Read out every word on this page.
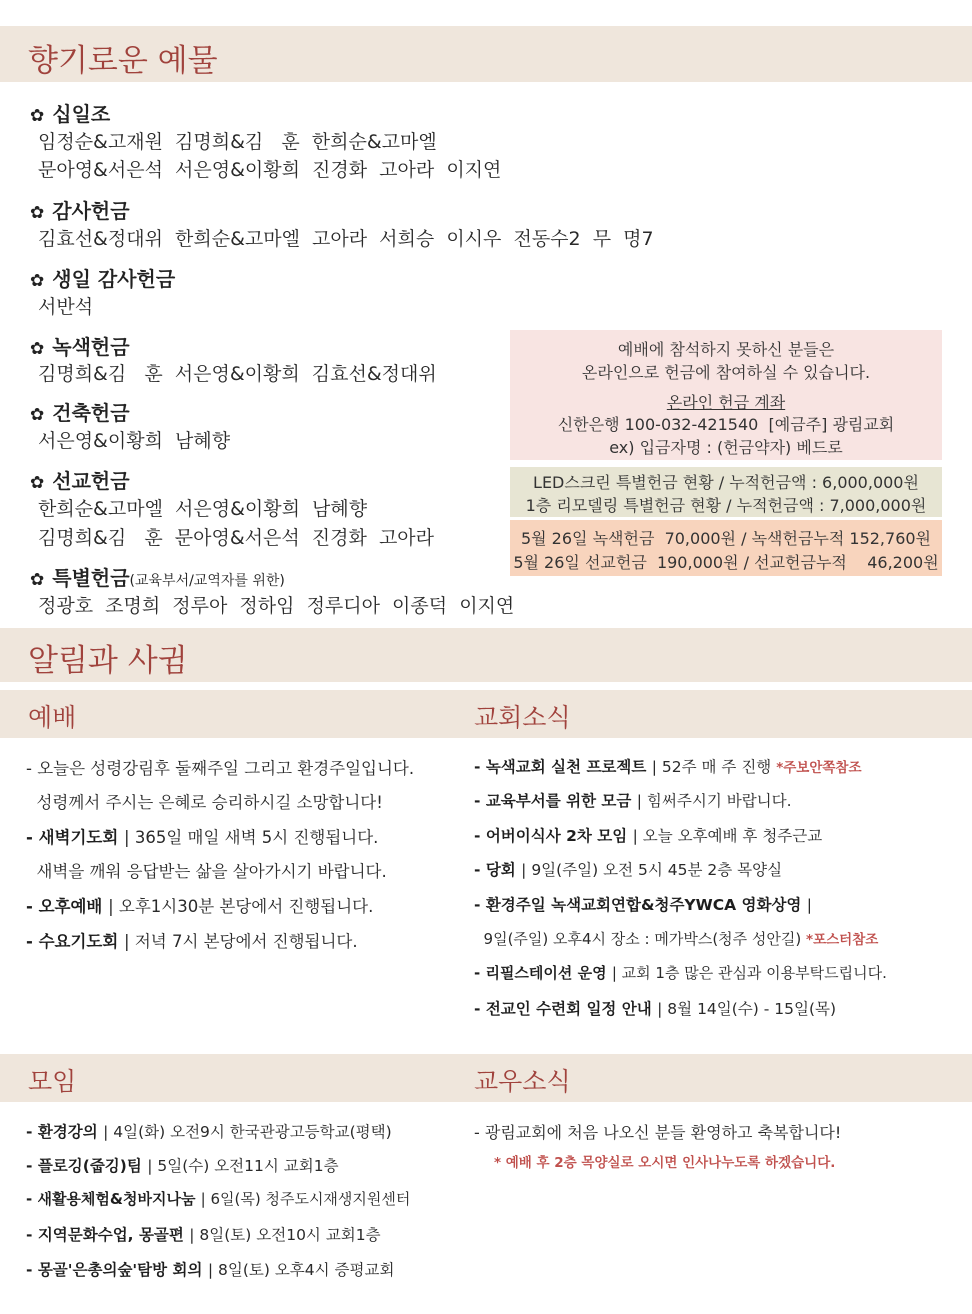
향기로운 예물
✿ 십일조
임정순&고재원  김명희&김   훈  한희순&고마엘
문아영&서은석  서은영&이황희  진경화  고아라  이지연
✿ 감사헌금
김효선&정대위  한희순&고마엘  고아라  서희승  이시우  전동수2  무  명7
✿ 생일 감사헌금
서반석
✿ 녹색헌금
김명희&김   훈  서은영&이황희  김효선&정대위
✿ 건축헌금
서은영&이황희  남혜향
✿ 선교헌금
한희순&고마엘  서은영&이황희  남혜향
김명희&김   훈  문아영&서은석  진경화  고아라
✿ 특별헌금(교육부서/교역자를 위한)
정광호  조명희  정루아  정하임  정루디아  이종덕  이지연
예배에 참석하지 못하신 분들은
온라인으로 헌금에 참여하실 수 있습니다.
온라인 헌금 계좌
신한은행 100-032-421540  [예금주] 광림교회
ex) 입금자명 : (헌금약자) 베드로
LED스크린 특별헌금 현황 / 누적헌금액 : 6,000,000원
1층 리모델링 특별헌금 현황 / 누적헌금액 : 7,000,000원
5월 26일 녹색헌금  70,000원 / 녹색헌금누적 152,760원
5월 26일 선교헌금  190,000원 / 선교헌금누적    46,200원
알림과 사귐
예배	교회소식
- 오늘은 성령강림후 둘째주일 그리고 환경주일입니다.
성령께서 주시는 은혜로 승리하시길 소망합니다!
- 새벽기도회 | 365일 매일 새벽 5시 진행됩니다.
새벽을 깨워 응답받는 삶을 살아가시기 바랍니다.
- 오후예배 | 오후1시30분 본당에서 진행됩니다.
- 수요기도회 | 저녁 7시 본당에서 진행됩니다.
- 녹색교회 실천 프로젝트 | 52주 매 주 진행 *주보안쪽참조
- 교육부서를 위한 모금 | 힘써주시기 바랍니다.
- 어버이식사 2차 모임 | 오늘 오후예배 후 청주근교
- 당회 | 9일(주일) 오전 5시 45분 2층 목양실
- 환경주일 녹색교회연합&청주YWCA 영화상영 |
9일(주일) 오후4시 장소 : 메가박스(청주 성안길) *포스터참조
- 리필스테이션 운영 | 교회 1층 많은 관심과 이용부탁드립니다.
- 전교인 수련회 일정 안내 | 8월 14일(수) - 15일(목)
모임	교우소식
- 환경강의 | 4일(화) 오전9시 한국관광고등학교(평택)
- 플로깅(줍깅)팀 | 5일(수) 오전11시 교회1층
- 새활용체험&청바지나눔 | 6일(목) 청주도시재생지원센터
- 지역문화수업, 몽골편 | 8일(토) 오전10시 교회1층
- 몽골'은총의숲'탐방 회의 | 8일(토) 오후4시 증평교회
- 광림교회에 처음 나오신 분들 환영하고 축복합니다!
* 예배 후 2층 목양실로 오시면 인사나누도록 하겠습니다.
